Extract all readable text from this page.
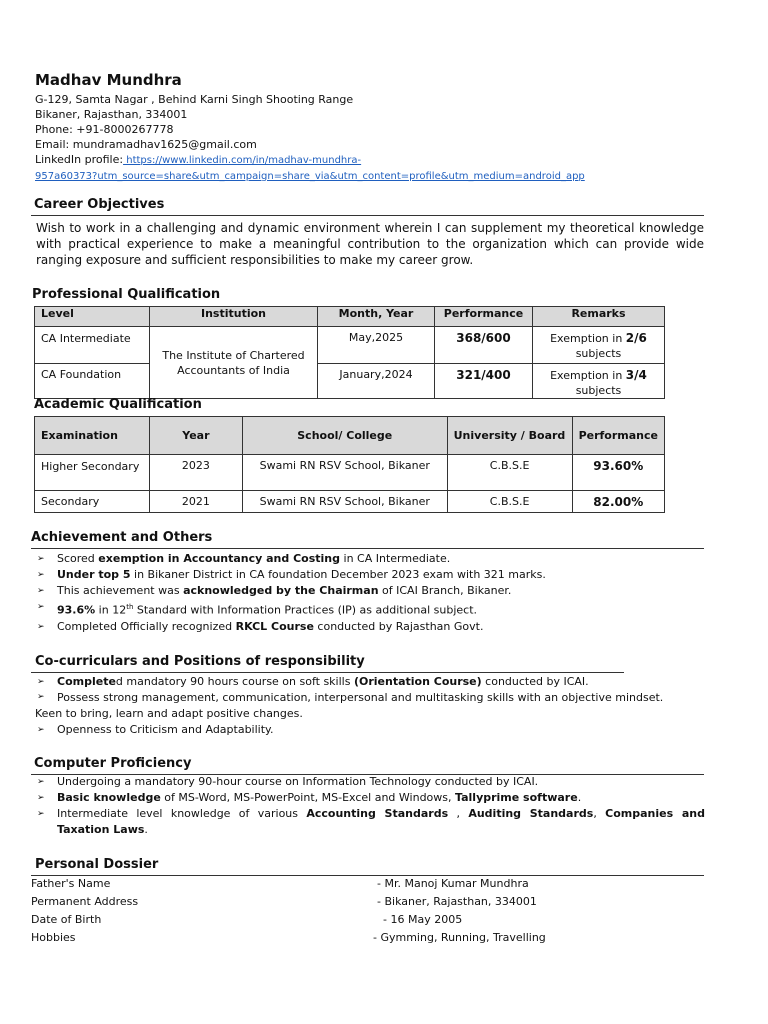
Madhav Mundhra
G-129, Samta Nagar , Behind Karni Singh Shooting Range
Bikaner, Rajasthan, 334001
Phone: +91-8000267778
Email: mundramadhav1625@gmail.com
LinkedIn profile: https://www.linkedin.com/in/madhav-mundhra-
957a60373?utm_source=share&utm_campaign=share_via&utm_content=profile&utm_medium=android_app
Career Objectives
Wish to work in a challenging and dynamic environment wherein I can supplement my theoretical knowledge with practical experience to make a meaningful contribution to the organization which can provide wide ranging exposure and sufficient responsibilities to make my career grow.
Professional Qualification
Level	Institution	Month, Year	Performance	Remarks
CA Intermediate	The Institute of Chartered Accountants of India	May,2025	368/600	Exemption in 2/6 subjects
CA Foundation		January,2024	321/400	Exemption in 3/4 subjects
Academic Qualification
Examination	Year	School/ College	University / Board	Performance
Higher Secondary	2023	Swami RN RSV School, Bikaner	C.B.S.E	93.60%
Secondary	2021	Swami RN RSV School, Bikaner	C.B.S.E	82.00%
Achievement and Others
➢ Scored exemption in Accountancy and Costing in CA Intermediate.
➢ Under top 5 in Bikaner District in CA foundation December 2023 exam with 321 marks.
➢ This achievement was acknowledged by the Chairman of ICAI Branch, Bikaner.
➢ 93.6% in 12th Standard with Information Practices (IP) as additional subject.
➢ Completed Officially recognized RKCL Course conducted by Rajasthan Govt.
Co-curriculars and Positions of responsibility
➢ Completed mandatory 90 hours course on soft skills (Orientation Course) conducted by ICAI.
➢ Possess strong management, communication, interpersonal and multitasking skills with an objective mindset.
Keen to bring, learn and adapt positive changes.
➢ Openness to Criticism and Adaptability.
Computer Proficiency
➢ Undergoing a mandatory 90-hour course on Information Technology conducted by ICAI.
➢ Basic knowledge of MS-Word, MS-PowerPoint, MS-Excel and Windows, Tallyprime software.
➢ Intermediate level knowledge of various Accounting Standards , Auditing Standards, Companies and Taxation Laws.
Personal Dossier
Father's Name	- Mr. Manoj Kumar Mundhra
Permanent Address	- Bikaner, Rajasthan, 334001
Date of Birth	- 16 May 2005
Hobbies	- Gymming, Running, Travelling
